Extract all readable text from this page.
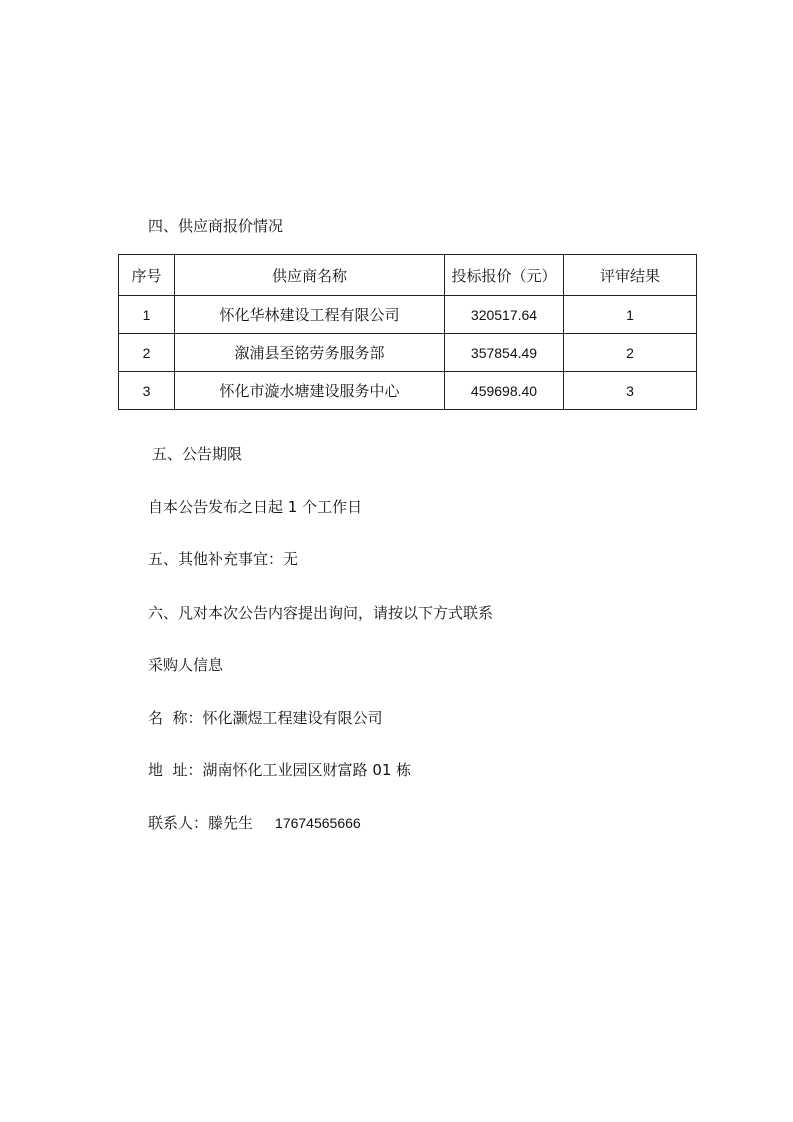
四、供应商报价情况
序号	供应商名称	投标报价（元）	评审结果
1	怀化华林建设工程有限公司	320517.64	1
2	溆浦县至铭劳务服务部	357854.49	2
3	怀化市漩水塘建设服务中心	459698.40	3
五、公告期限
自本公告发布之日起 1 个工作日
五、其他补充事宜：无
六、凡对本次公告内容提出询问，请按以下方式联系
采购人信息
名  称：怀化灏煜工程建设有限公司
地  址：湖南怀化工业园区财富路 01 栋
联系人：滕先生 17674565666
